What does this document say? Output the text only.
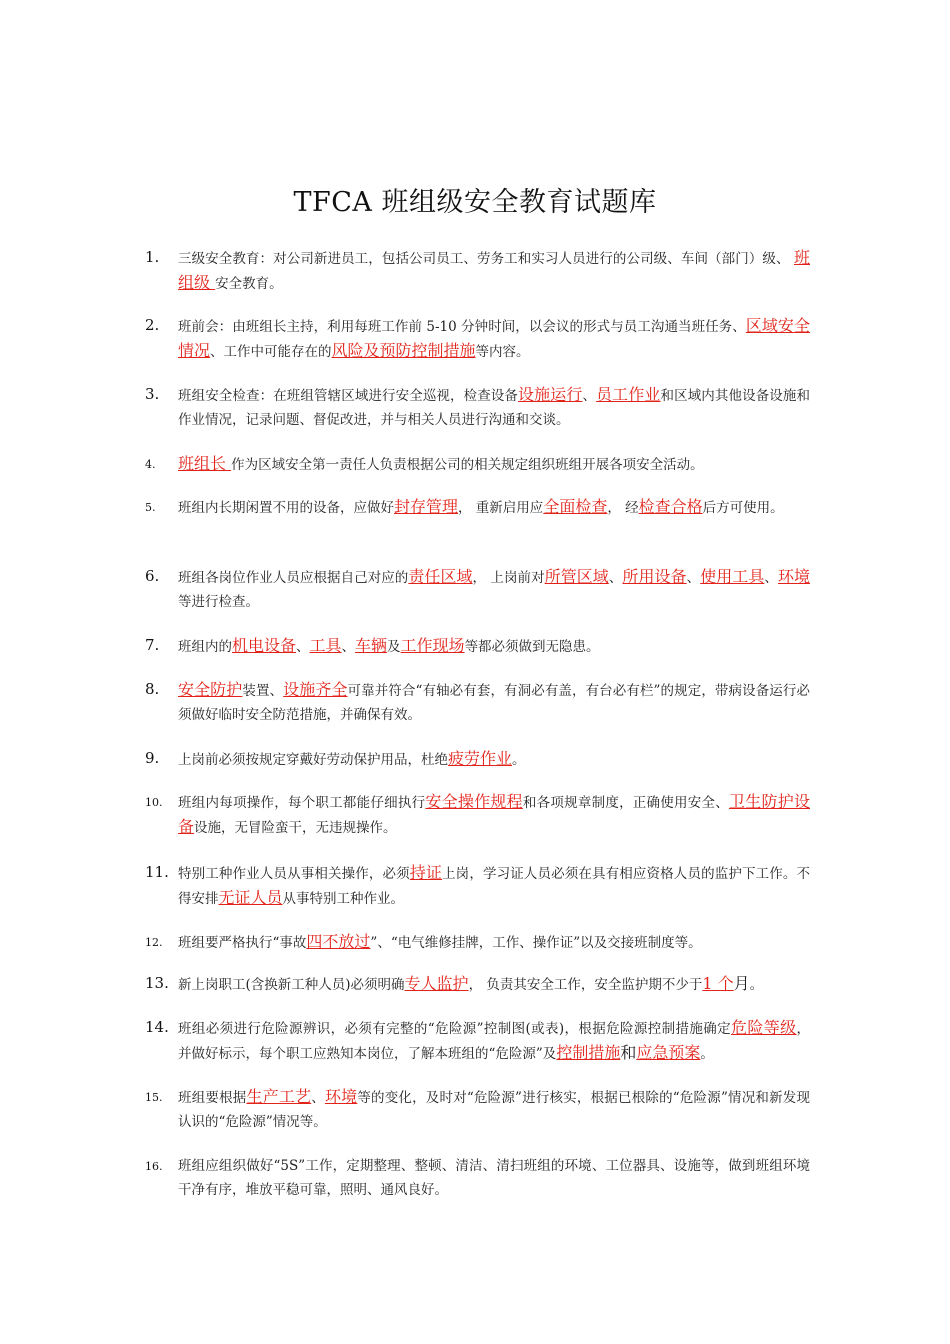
TFCA 班组级安全教育试题库
1.	三级安全教育：对公司新进员工，包括公司员工、劳务工和实习人员进行的公司级、车间（部门）级、 班组级 安全教育。
2.	班前会：由班组长主持，利用每班工作前 5-10 分钟时间，以会议的形式与员工沟通当班任务、区域安全情况、工作中可能存在的风险及预防控制措施等内容。
3.	班组安全检查：在班组管辖区域进行安全巡视，检查设备设施运行、员工作业和区域内其他设备设施和作业情况，记录问题、督促改进，并与相关人员进行沟通和交谈。
4.	班组长 作为区域安全第一责任人负责根据公司的相关规定组织班组开展各项安全活动。
5.	班组内长期闲置不用的设备，应做好封存管理， 重新启用应全面检查， 经检查合格后方可使用。
6.	班组各岗位作业人员应根据自己对应的责任区域， 上岗前对所管区域、所用设备、使用工具、环境等进行检查。
7.	班组内的机电设备、工具、车辆及工作现场等都必须做到无隐患。
8.	安全防护装置、设施齐全可靠并符合“有轴必有套，有洞必有盖，有台必有栏”的规定，带病设备运行必须做好临时安全防范措施，并确保有效。
9.	上岗前必须按规定穿戴好劳动保护用品，杜绝疲劳作业。
10.	班组内每项操作，每个职工都能仔细执行安全操作规程和各项规章制度，正确使用安全、卫生防护设备设施，无冒险蛮干，无违规操作。
11. 特别工种作业人员从事相关操作，必须持证上岗，学习证人员必须在具有相应资格人员的监护下工作。不得安排无证人员从事特别工种作业。
12.	班组要严格执行“事故四不放过”、“电气维修挂牌，工作、操作证”以及交接班制度等。
13. 新上岗职工(含换新工种人员)必须明确专人监护， 负责其安全工作，安全监护期不少于1 个月。
14. 班组必须进行危险源辨识，必须有完整的“危险源”控制图(或表)，根据危险源控制措施确定危险等级， 并做好标示，每个职工应熟知本岗位，了解本班组的“危险源”及控制措施和应急预案。
15.	班组要根据生产工艺、环境等的变化，及时对“危险源”进行核实，根据已根除的“危险源”情况和新发现认识的“危险源”情况等。
16.	班组应组织做好“5S”工作，定期整理、整顿、清洁、清扫班组的环境、工位器具、设施等，做到班组环境干净有序，堆放平稳可靠，照明、通风良好。
